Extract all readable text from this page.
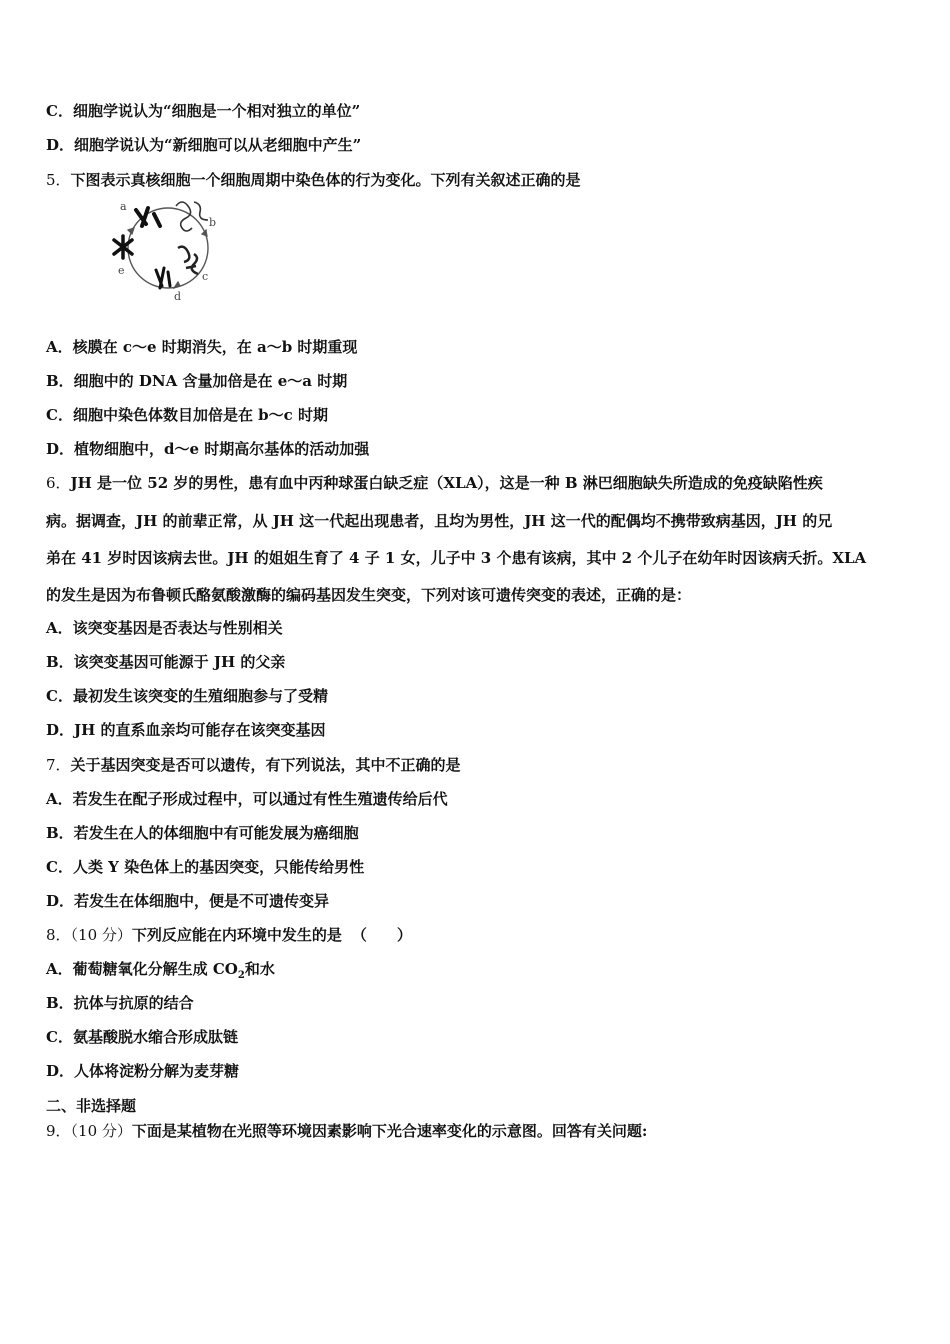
C．细胞学说认为“细胞是一个相对独立的单位”
D．细胞学说认为“新细胞可以从老细胞中产生”
5．下图表示真核细胞一个细胞周期中染色体的行为变化。下列有关叙述正确的是
a
b
c
d
e
A．核膜在 c～e 时期消失，在 a～b 时期重现
B．细胞中的 DNA 含量加倍是在 e～a 时期
C．细胞中染色体数目加倍是在 b～c 时期
D．植物细胞中，d～e 时期高尔基体的活动加强
6．JH 是一位 52 岁的男性，患有血中丙种球蛋白缺乏症（XLA），这是一种 B 淋巴细胞缺失所造成的免疫缺陷性疾
病。据调查，JH 的前辈正常，从 JH 这一代起出现患者，且均为男性，JH 这一代的配偶均不携带致病基因，JH 的兄
弟在 41 岁时因该病去世。JH 的姐姐生育了 4 子 1 女，儿子中 3 个患有该病，其中 2 个儿子在幼年时因该病夭折。XLA
的发生是因为布鲁顿氏酪氨酸激酶的编码基因发生突变，下列对该可遗传突变的表述，正确的是：
A．该突变基因是否表达与性别相关
B．该突变基因可能源于 JH 的父亲
C．最初发生该突变的生殖细胞参与了受精
D．JH 的直系血亲均可能存在该突变基因
7．关于基因突变是否可以遗传，有下列说法，其中不正确的是
A．若发生在配子形成过程中，可以通过有性生殖遗传给后代
B．若发生在人的体细胞中有可能发展为癌细胞
C．人类 Y 染色体上的基因突变，只能传给男性
D．若发生在体细胞中，便是不可遗传变异
8．（10 分）下列反应能在内环境中发生的是 （　　）
A．葡萄糖氧化分解生成 $CO_2$和水
B．抗体与抗原的结合
C．氨基酸脱水缩合形成肽链
D．人体将淀粉分解为麦芽糖
二、非选择题
9．（10 分）下面是某植物在光照等环境因素影响下光合速率变化的示意图。回答有关问题:
